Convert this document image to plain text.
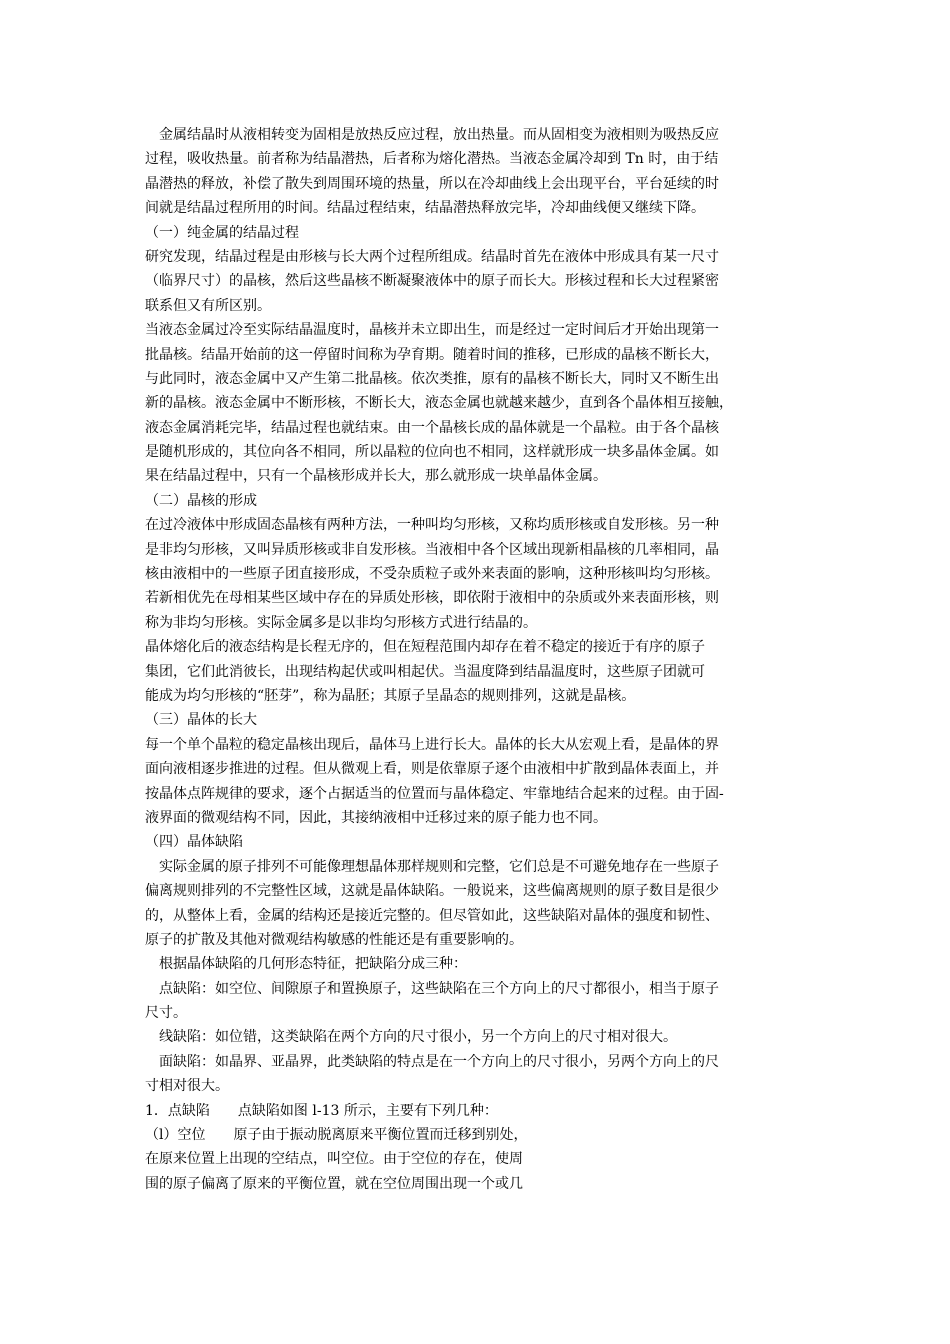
　金属结晶时从液相转变为固相是放热反应过程，放出热量。而从固相变为液相则为吸热反应
过程，吸收热量。前者称为结晶潜热，后者称为熔化潜热。当液态金属冷却到 Tn 时，由于结
晶潜热的释放，补偿了散失到周围环境的热量，所以在冷却曲线上会出现平台，平台延续的时
间就是结晶过程所用的时间。结晶过程结束，结晶潜热释放完毕，冷却曲线便又继续下降。
（一）纯金属的结晶过程
研究发现，结晶过程是由形核与长大两个过程所组成。结晶时首先在液体中形成具有某一尺寸
（临界尺寸）的晶核，然后这些晶核不断凝聚液体中的原子而长大。形核过程和长大过程紧密
联系但又有所区别。
当液态金属过冷至实际结晶温度时，晶核并未立即出生，而是经过一定时间后才开始出现第一
批晶核。结晶开始前的这一停留时间称为孕育期。随着时间的推移，已形成的晶核不断长大，
与此同时，液态金属中又产生第二批晶核。依次类推，原有的晶核不断长大，同时又不断生出
新的晶核。液态金属中不断形核，不断长大，液态金属也就越来越少，直到各个晶体相互接触，
液态金属消耗完毕，结晶过程也就结束。由一个晶核长成的晶体就是一个晶粒。由于各个晶核
是随机形成的，其位向各不相同，所以晶粒的位向也不相同，这样就形成一块多晶体金属。如
果在结晶过程中，只有一个晶核形成并长大，那么就形成一块单晶体金属。
（二）晶核的形成
在过冷液体中形成固态晶核有两种方法，一种叫均匀形核，又称均质形核或自发形核。另一种
是非均匀形核，又叫异质形核或非自发形核。当液相中各个区域出现新相晶核的几率相同，晶
核由液相中的一些原子团直接形成，不受杂质粒子或外来表面的影响，这种形核叫均匀形核。
若新相优先在母相某些区域中存在的异质处形核，即依附于液相中的杂质或外来表面形核，则
称为非均匀形核。实际金属多是以非均匀形核方式进行结晶的。
晶体熔化后的液态结构是长程无序的，但在短程范围内却存在着不稳定的接近于有序的原子
集团，它们此消彼长，出现结构起伏或叫相起伏。当温度降到结晶温度时，这些原子团就可
能成为均匀形核的“胚芽”，称为晶胚；其原子呈晶态的规则排列，这就是晶核。
（三）晶体的长大
每一个单个晶粒的稳定晶核出现后，晶体马上进行长大。晶体的长大从宏观上看，是晶体的界
面向液相逐步推进的过程。但从微观上看，则是依靠原子逐个由液相中扩散到晶体表面上，并
按晶体点阵规律的要求，逐个占据适当的位置而与晶体稳定、牢靠地结合起来的过程。由于固-
液界面的微观结构不同，因此，其接纳液相中迁移过来的原子能力也不同。
（四）晶体缺陷
　实际金属的原子排列不可能像理想晶体那样规则和完整，它们总是不可避免地存在一些原子
偏离规则排列的不完整性区域，这就是晶体缺陷。一般说来，这些偏离规则的原子数目是很少
的，从整体上看，金属的结构还是接近完整的。但尽管如此，这些缺陷对晶体的强度和韧性、
原子的扩散及其他对微观结构敏感的性能还是有重要影响的。
　根据晶体缺陷的几何形态特征，把缺陷分成三种：
　点缺陷：如空位、间隙原子和置换原子，这些缺陷在三个方向上的尺寸都很小，相当于原子
尺寸。
　线缺陷：如位错，这类缺陷在两个方向的尺寸很小，另一个方向上的尺寸相对很大。
　面缺陷：如晶界、亚晶界，此类缺陷的特点是在一个方向上的尺寸很小，另两个方向上的尺
寸相对很大。
1．点缺陷　　点缺陷如图 l-13 所示，主要有下列几种：
（l）空位　　原子由于振动脱离原来平衡位置而迁移到别处，
在原来位置上出现的空结点，叫空位。由于空位的存在，使周
围的原子偏离了原来的平衡位置，就在空位周围出现一个或几
